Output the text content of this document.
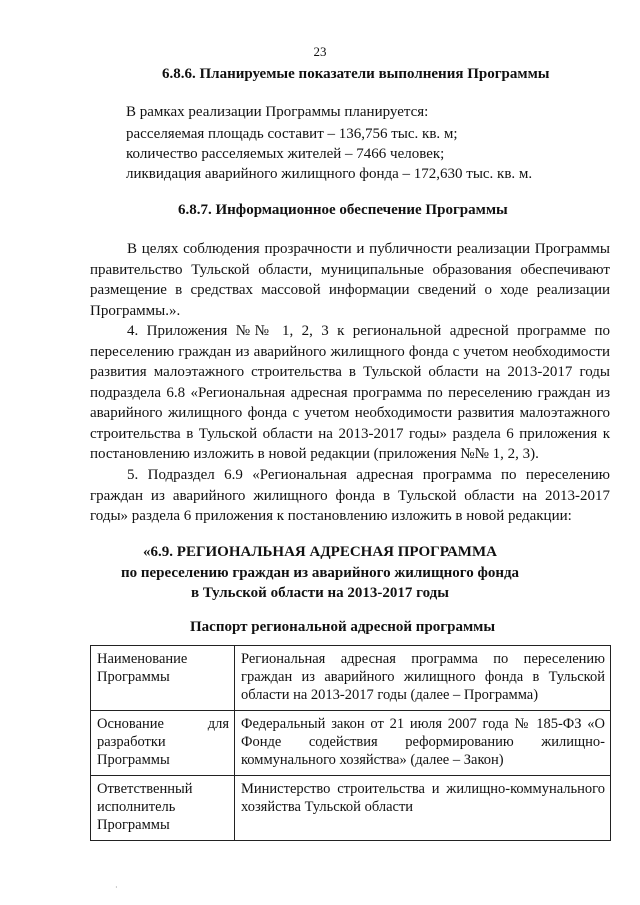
23
6.8.6. Планируемые показатели выполнения Программы
В рамках реализации Программы планируется:
расселяемая площадь составит – 136,756 тыс. кв. м;
количество расселяемых жителей – 7466 человек;
ликвидация аварийного жилищного фонда – 172,630 тыс. кв. м.
6.8.7. Информационное обеспечение Программы
В целях соблюдения прозрачности и публичности реализации Программы правительство Тульской области, муниципальные образования обеспечивают размещение в средствах массовой информации сведений о ходе реализации Программы.».
4. Приложения №№ 1, 2, 3 к региональной адресной программе по переселению граждан из аварийного жилищного фонда с учетом необходимости развития малоэтажного строительства в Тульской области на 2013-2017 годы подраздела 6.8 «Региональная адресная программа по переселению граждан из аварийного жилищного фонда с учетом необходимости развития малоэтажного строительства в Тульской области на 2013-2017 годы» раздела 6 приложения к постановлению изложить в новой редакции (приложения №№ 1, 2, 3).
5. Подраздел 6.9 «Региональная адресная программа по переселению граждан из аварийного жилищного фонда в Тульской области на 2013-2017 годы» раздела 6 приложения к постановлению изложить в новой редакции:
«6.9. РЕГИОНАЛЬНАЯ АДРЕСНАЯ ПРОГРАММА
по переселению граждан из аварийного жилищного фонда
в Тульской области на 2013-2017 годы
Паспорт региональной адресной программы
Наименование Программы	Региональная адресная программа по переселению граждан из аварийного жилищного фонда в Тульской области на 2013-2017 годы (далее – Программа)

Основание для
разработки Программы	Федеральный закон от 21 июля 2007 года № 185-ФЗ «О Фонде содействия реформированию жилищно-коммунального хозяйства» (далее – Закон)
Ответственный исполнитель Программы	Министерство строительства и жилищно-коммунального хозяйства Тульской области
·
